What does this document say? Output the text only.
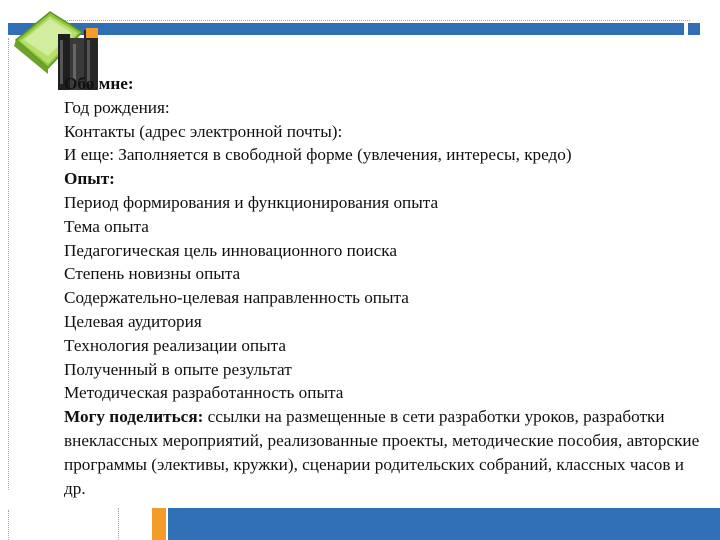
Обо мне:
Год рождения:
Контакты (адрес электронной почты):
И еще: Заполняется в свободной форме (увлечения, интересы, кредо)
Опыт:
Период формирования и функционирования опыта
Тема опыта
Педагогическая цель инновационного поиска
Степень новизны опыта
Содержательно-целевая направленность опыта
Целевая аудитория
Технология реализации опыта
Полученный в опыте результат
Методическая разработанность опыта
Могу поделиться: ссылки на размещенные в сети разработки уроков, разработки внеклассных мероприятий, реализованные проекты, методические пособия, авторские программы (элективы, кружки), сценарии родительских собраний, классных часов и др.
